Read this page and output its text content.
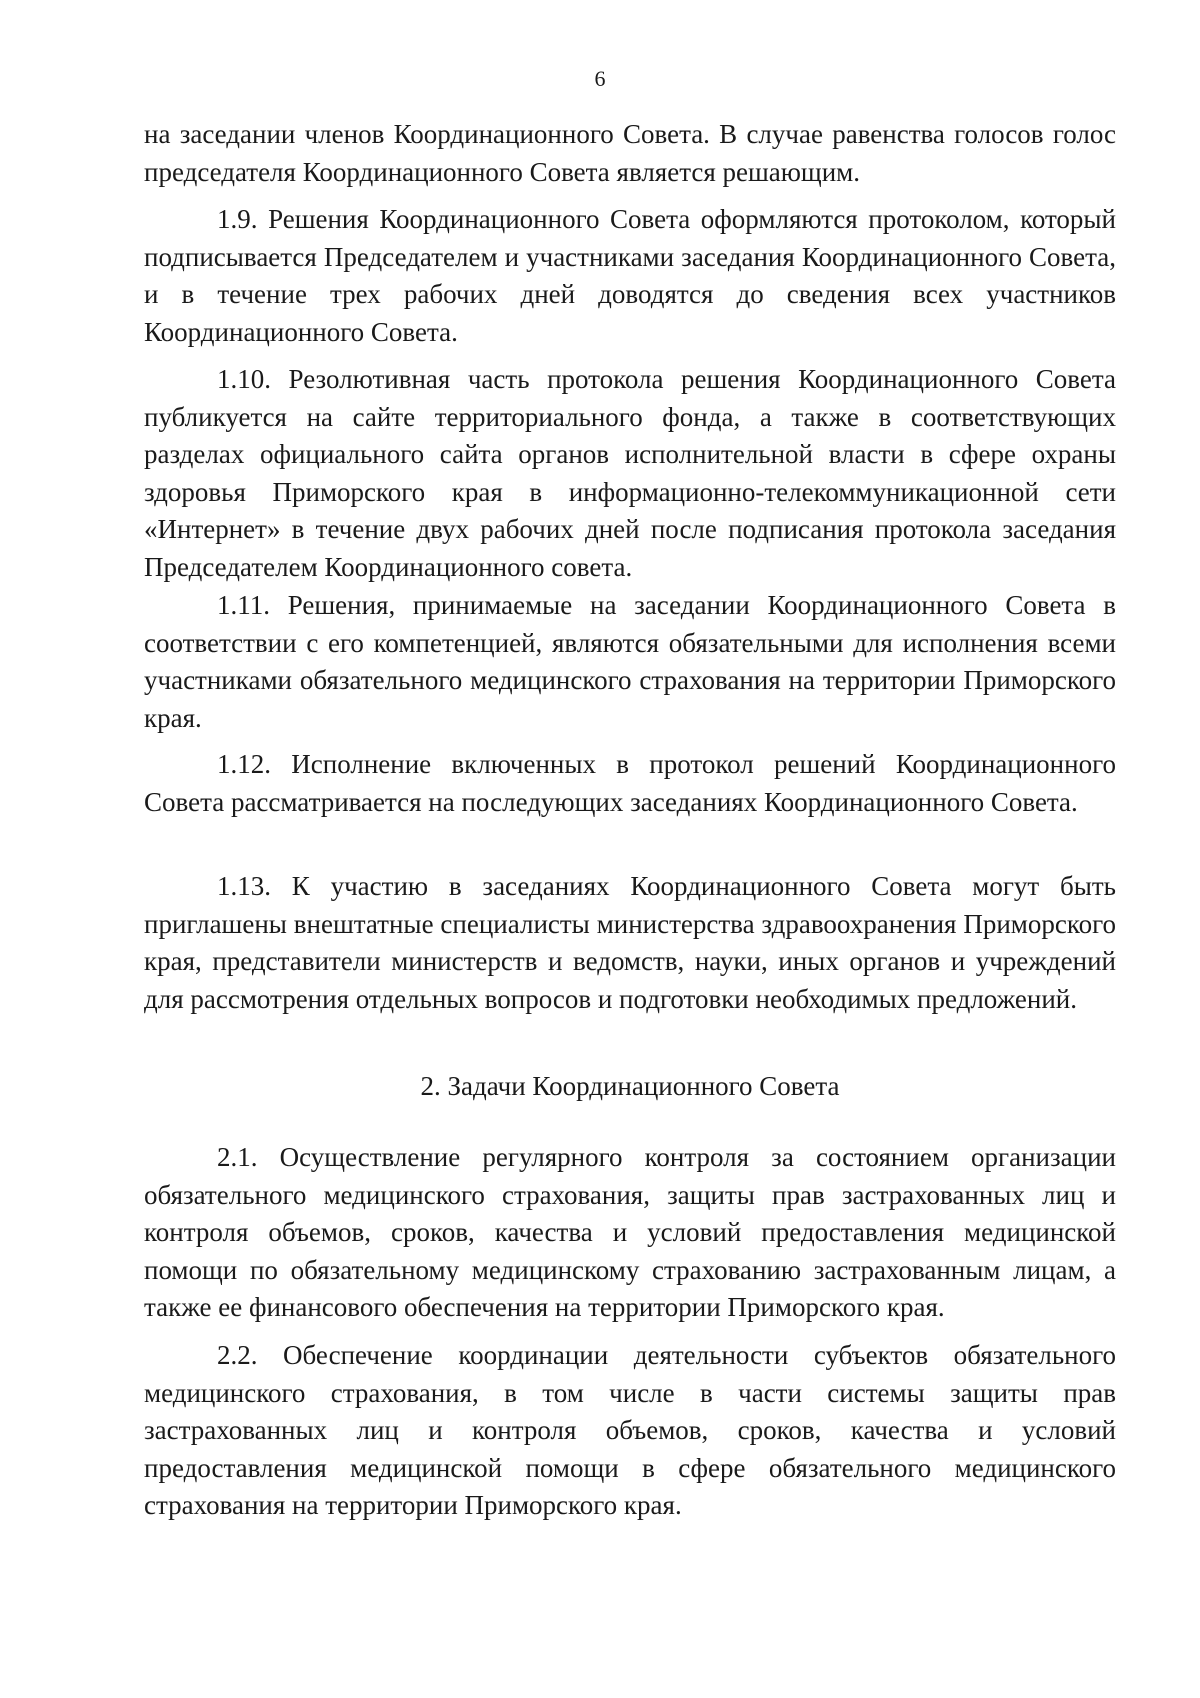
6

на заседании членов Координационного Совета. В случае равенства голосов голос председателя Координационного Совета является решающим.

1.9. Решения Координационного Совета оформляются протоколом, который подписывается Председателем и участниками заседания Координационного Совета, и в течение трех рабочих дней доводятся до сведения всех участников Координационного Совета.

1.10. Резолютивная часть протокола решения Координационного Совета публикуется на сайте территориального фонда, а также в соответствующих разделах официального сайта органов исполнительной власти в сфере охраны здоровья Приморского края в информационно-телекоммуникационной сети «Интернет» в течение двух рабочих дней после подписания протокола заседания Председателем Координационного совета.

1.11. Решения, принимаемые на заседании Координационного Совета в соответствии с его компетенцией, являются обязательными для исполнения всеми участниками обязательного медицинского страхования на территории Приморского края.

1.12. Исполнение включенных в протокол решений Координационного Совета рассматривается на последующих заседаниях Координационного Совета.

1.13. К участию в заседаниях Координационного Совета могут быть приглашены внештатные специалисты министерства здравоохранения Приморского края, представители министерств и ведомств, науки, иных органов и учреждений для рассмотрения отдельных вопросов и подготовки необходимых предложений.

2. Задачи Координационного Совета

2.1. Осуществление регулярного контроля за состоянием организации обязательного медицинского страхования, защиты прав застрахованных лиц и контроля объемов, сроков, качества и условий предоставления медицинской помощи по обязательному медицинскому страхованию застрахованным лицам, а также ее финансового обеспечения на территории Приморского края.

2.2. Обеспечение координации деятельности субъектов обязательного медицинского страхования, в том числе в части системы защиты прав застрахованных лиц и контроля объемов, сроков, качества и условий предоставления медицинской помощи в сфере обязательного медицинского страхования на территории Приморского края.
